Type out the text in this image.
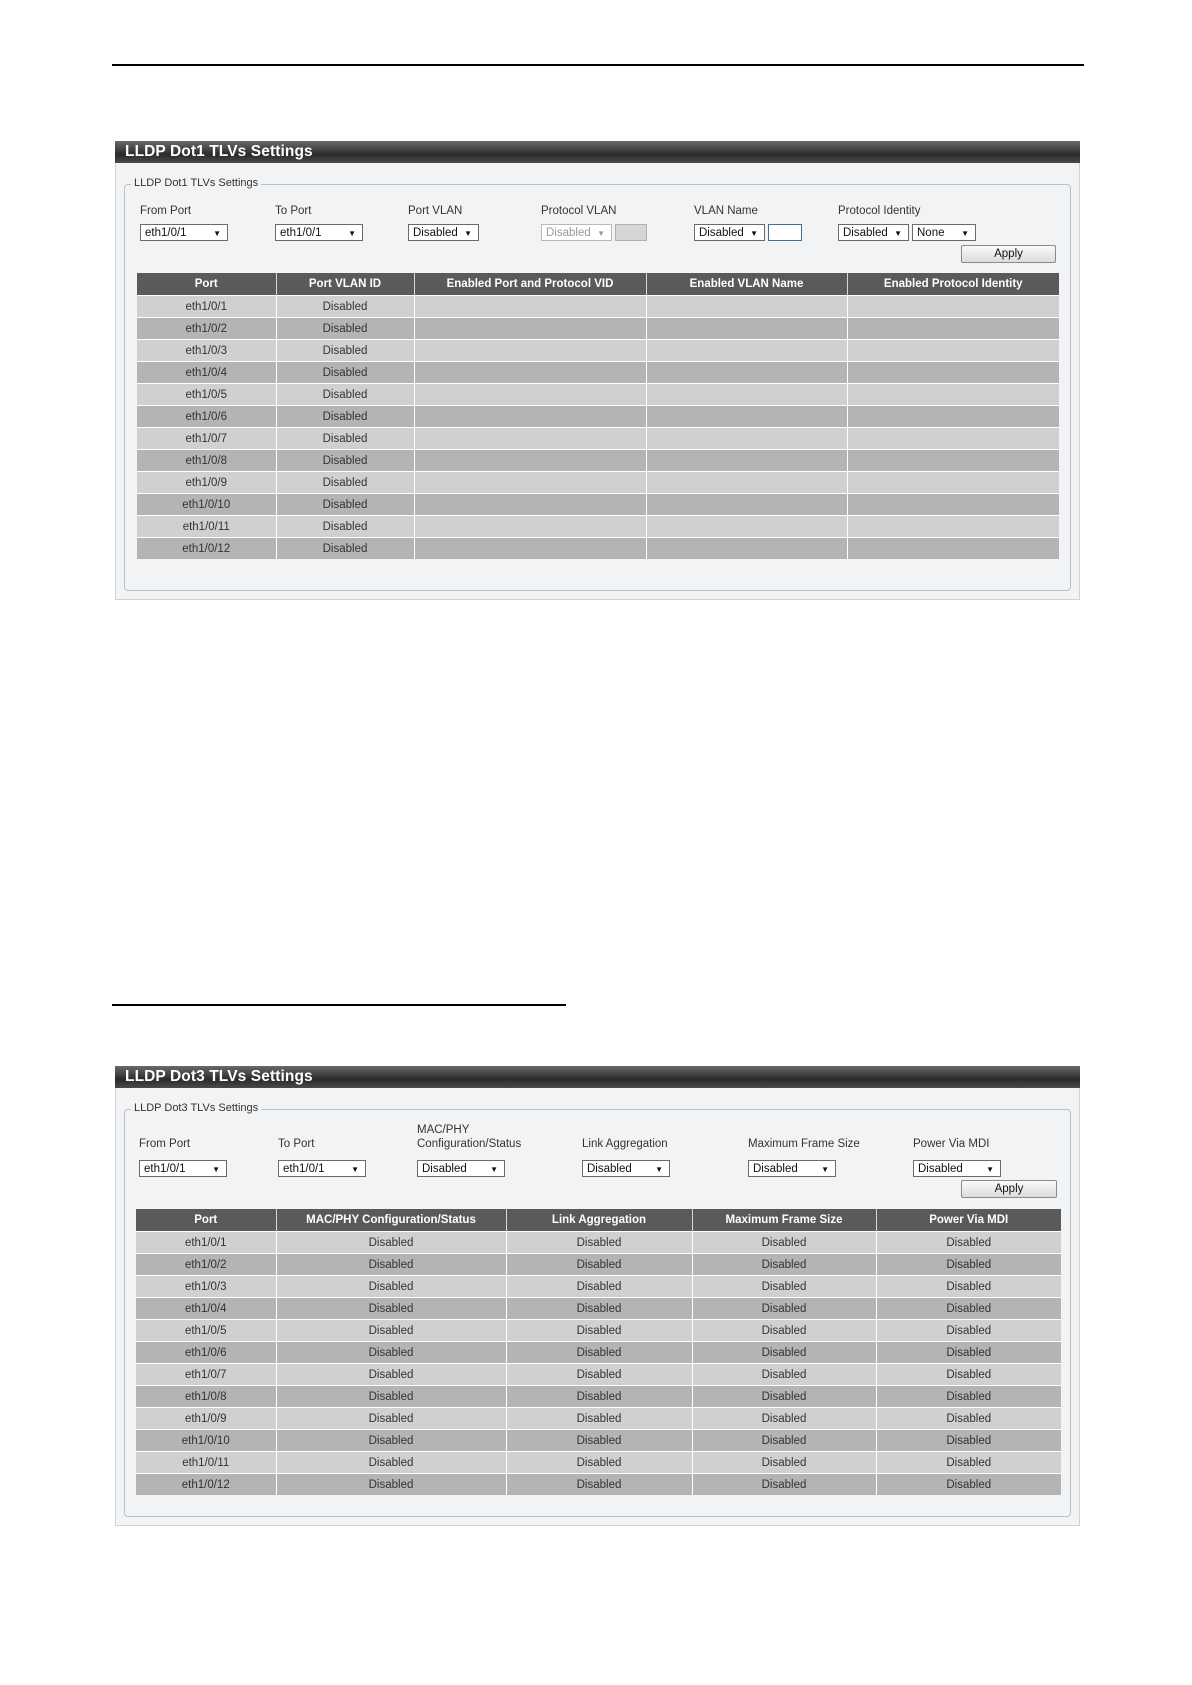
LLDP Dot1 TLVs Settings
LLDP Dot1 TLVs Settings
From Port	To Port	Port VLAN	Protocol VLAN	VLAN Name	Protocol Identity
eth1/0/1	▼	eth1/0/1	▼	Disabled ▼	Disabled ▼	Disabled ▼	Disabled ▼	None ▼
Apply
Port	Port VLAN ID	Enabled Port and Protocol VID	Enabled VLAN Name	Enabled Protocol Identity
eth1/0/1	Disabled			
eth1/0/2	Disabled			
eth1/0/3	Disabled			
eth1/0/4	Disabled			
eth1/0/5	Disabled			
eth1/0/6	Disabled			
eth1/0/7	Disabled			
eth1/0/8	Disabled			
eth1/0/9	Disabled			
eth1/0/10	Disabled			
eth1/0/11	Disabled			
eth1/0/12	Disabled			
LLDP Dot3 TLVs Settings
LLDP Dot3 TLVs Settings
From Port	To Port
MAC/PHY
Configuration/Status	Link Aggregation	Maximum Frame Size	Power Via MDI
eth1/0/1	▼	eth1/0/1	▼	Disabled	▼	Disabled	▼	Disabled	▼	Disabled	▼
Apply
Port	MAC/PHY Configuration/Status	Link Aggregation	Maximum Frame Size	Power Via MDI
eth1/0/1	Disabled	Disabled	Disabled	Disabled
eth1/0/2	Disabled	Disabled	Disabled	Disabled
eth1/0/3	Disabled	Disabled	Disabled	Disabled
eth1/0/4	Disabled	Disabled	Disabled	Disabled
eth1/0/5	Disabled	Disabled	Disabled	Disabled
eth1/0/6	Disabled	Disabled	Disabled	Disabled
eth1/0/7	Disabled	Disabled	Disabled	Disabled
eth1/0/8	Disabled	Disabled	Disabled	Disabled
eth1/0/9	Disabled	Disabled	Disabled	Disabled
eth1/0/10	Disabled	Disabled	Disabled	Disabled
eth1/0/11	Disabled	Disabled	Disabled	Disabled
eth1/0/12	Disabled	Disabled	Disabled	Disabled
